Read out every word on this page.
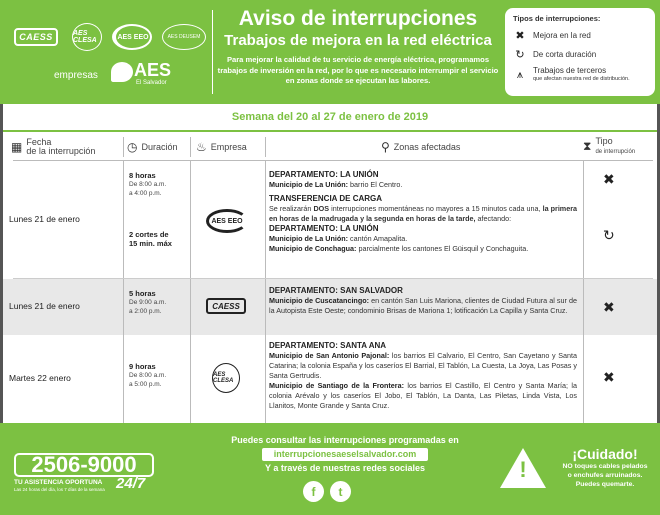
CAESS	AES CLESA	AES EEO	AES DEUSEM
empresas AES
El Salvador
Aviso de interrupciones
Trabajos de mejora en la red eléctrica
Para mejorar la calidad de tu servicio de energía eléctrica, programamos trabajos de inversión en la red, por lo que es necesario interrumpir el servicio en zonas donde se ejecutan las labores.
Tipos de interrupciones:
✖ Mejora en la red
↻ De corta duración
⩚	Trabajos de terceros
que afectan nuestra red de distribución.
Semana del 20 al 27 de enero de 2019
▦ Fecha
de la interrupción	◷ Duración ♨ Empresa	⚲ Zonas afectadas	⧗ Tipo
de interrupción
Lunes 21 de enero
8 horas
De 8:00 a.m.
a 4:00 p.m.
2 cortes de
15 min. máx
AES EEO
DEPARTAMENTO: LA UNIÓN
Municipio de La Unión: barrio El Centro.
TRANSFERENCIA DE CARGA
Se realizarán DOS interrupciones momentáneas no mayores a 15 minutos cada una, la primera en horas de la madrugada y la segunda en horas de la tarde, afectando:
DEPARTAMENTO: LA UNIÓN
Municipio de La Unión: cantón Amapalita.
Municipio de Conchagua: parcialmente los cantones El Güisquil y Conchaguita.
✖
↻
Lunes 21 de enero
5 horas
De 9:00 a.m.
a 2:00 p.m.
CAESS
DEPARTAMENTO: SAN SALVADOR
Municipio de Cuscatancingo: en cantón San Luis Mariona, clientes de Ciudad Futura al sur de la Autopista Este Oeste; condominio Brisas de Mariona 1; lotificación La Capilla y Santa Cruz.	✖
Martes 22 enero
9 horas
De 8:00 a.m.
a 5:00 p.m.
AES CLESA
DEPARTAMENTO: SANTA ANA
Municipio de San Antonio Pajonal: los barrios El Calvario, El Centro, San Cayetano y Santa Catarina; la colonia España y los caseríos El Barrial, El Tablón, La Cuesta, La Joya, Las Posas y Santa Gertrudis.
Municipio de Santiago de la Frontera: los barrios El Castillo, El Centro y Santa María; la colonia Arévalo y los caseríos El Jobo, El Tablón, La Danta, Las Piletas, Linda Vista, Los Llanitos, Monte Grande y Santa Cruz.
✖
2506-9000
TU ASISTENCIA OPORTUNA
Las 24 horas del día, los 7 días de la semana 24/7
Puedes consultar las interrupciones programadas en
interrupcionesaeselsalvador.com
Y a través de nuestras redes sociales
f	t
!
¡Cuidado!
NO toques cables pelados
o enchufes arruinados.
Puedes quemarte.
